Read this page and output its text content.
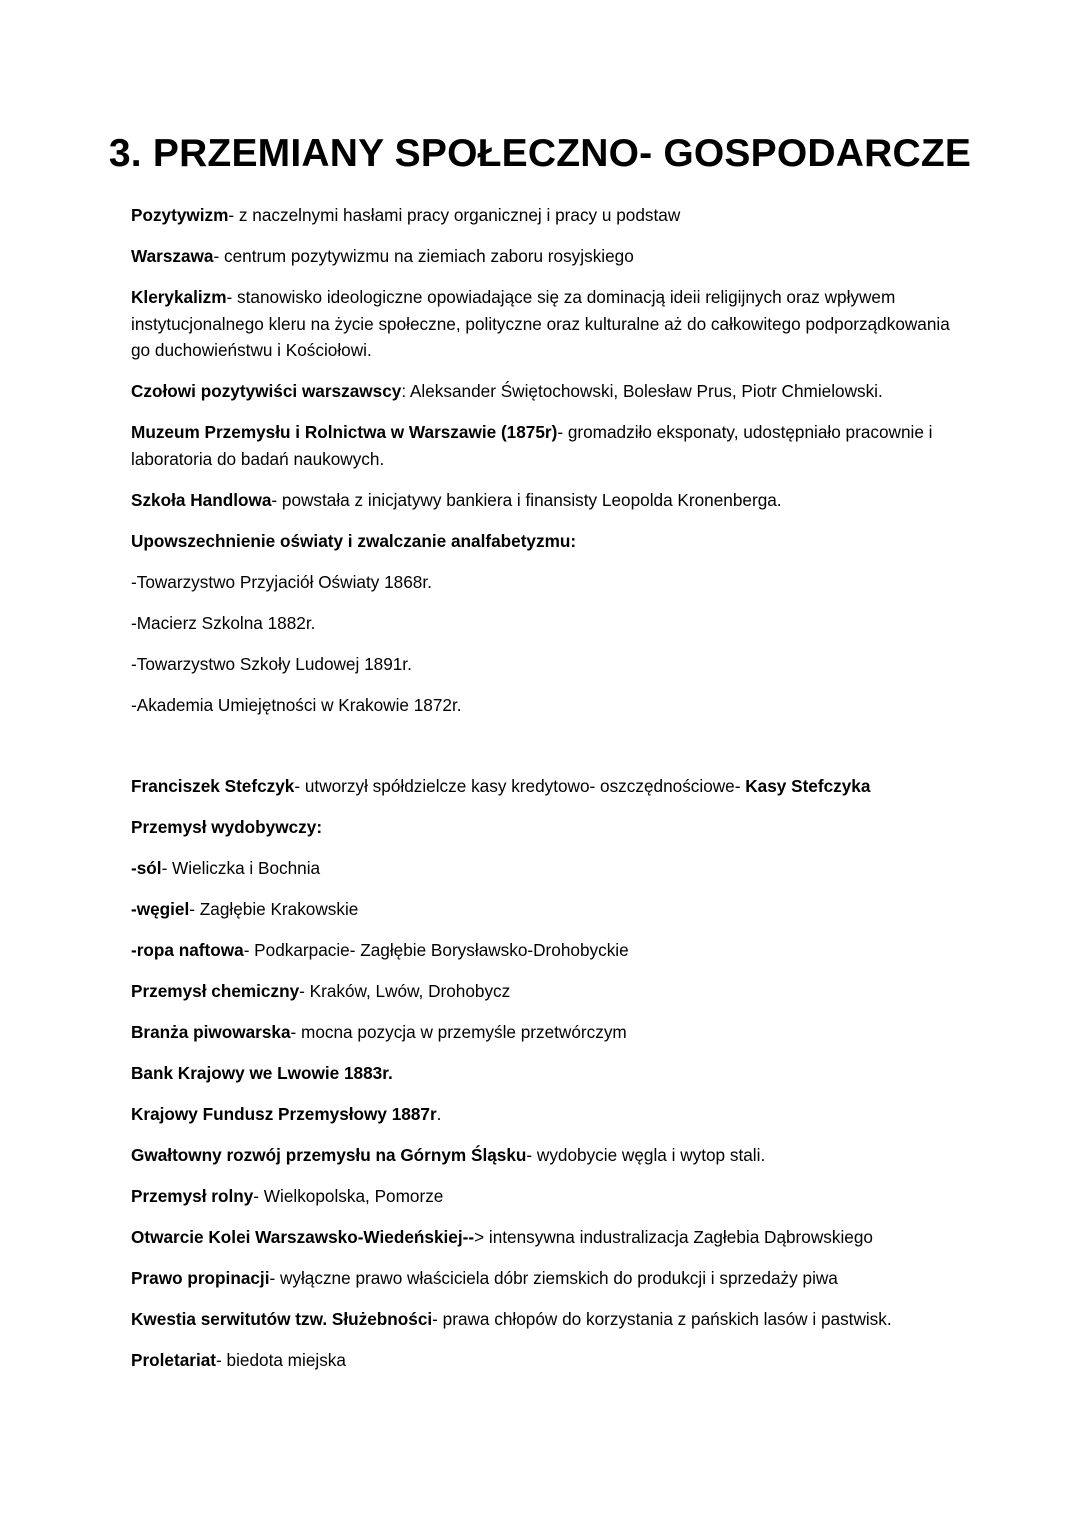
3. PRZEMIANY SPOŁECZNO- GOSPODARCZE

Pozytywizm- z naczelnymi hasłami pracy organicznej i pracy u podstaw

Warszawa- centrum pozytywizmu na ziemiach zaboru rosyjskiego

Klerykalizm- stanowisko ideologiczne opowiadające się za dominacją ideii religijnych oraz wpływem instytucjonalnego kleru na życie społeczne, polityczne oraz kulturalne aż do całkowitego podporządkowania go duchowieństwu i Kościołowi.

Czołowi pozytywiści warszawscy: Aleksander Świętochowski, Bolesław Prus, Piotr Chmielowski.

Muzeum Przemysłu i Rolnictwa w Warszawie (1875r)- gromadziło eksponaty, udostępniało pracownie i laboratoria do badań naukowych.

Szkoła Handlowa- powstała z inicjatywy bankiera i finansisty Leopolda Kronenberga.

Upowszechnienie oświaty i zwalczanie analfabetyzmu:

-Towarzystwo Przyjaciół Oświaty 1868r.

-Macierz Szkolna 1882r.

-Towarzystwo Szkoły Ludowej 1891r.

-Akademia Umiejętności w Krakowie 1872r.

Franciszek Stefczyk- utworzył spółdzielcze kasy kredytowo- oszczędnościowe- Kasy Stefczyka

Przemysł wydobywczy:

-sól- Wieliczka i Bochnia

-węgiel- Zagłębie Krakowskie

-ropa naftowa- Podkarpacie- Zagłębie Borysławsko-Drohobyckie

Przemysł chemiczny- Kraków, Lwów, Drohobycz

Branża piwowarska- mocna pozycja w przemyśle przetwórczym

Bank Krajowy we Lwowie 1883r.

Krajowy Fundusz Przemysłowy 1887r.

Gwałtowny rozwój przemysłu na Górnym Śląsku- wydobycie węgla i wytop stali.

Przemysł rolny- Wielkopolska, Pomorze

Otwarcie Kolei Warszawsko-Wiedeńskiej--> intensywna industralizacja Zagłebia Dąbrowskiego

Prawo propinacji- wyłączne prawo właściciela dóbr ziemskich do produkcji i sprzedaży piwa

Kwestia serwitutów tzw. Służebności- prawa chłopów do korzystania z pańskich lasów i pastwisk.

Proletariat- biedota miejska
